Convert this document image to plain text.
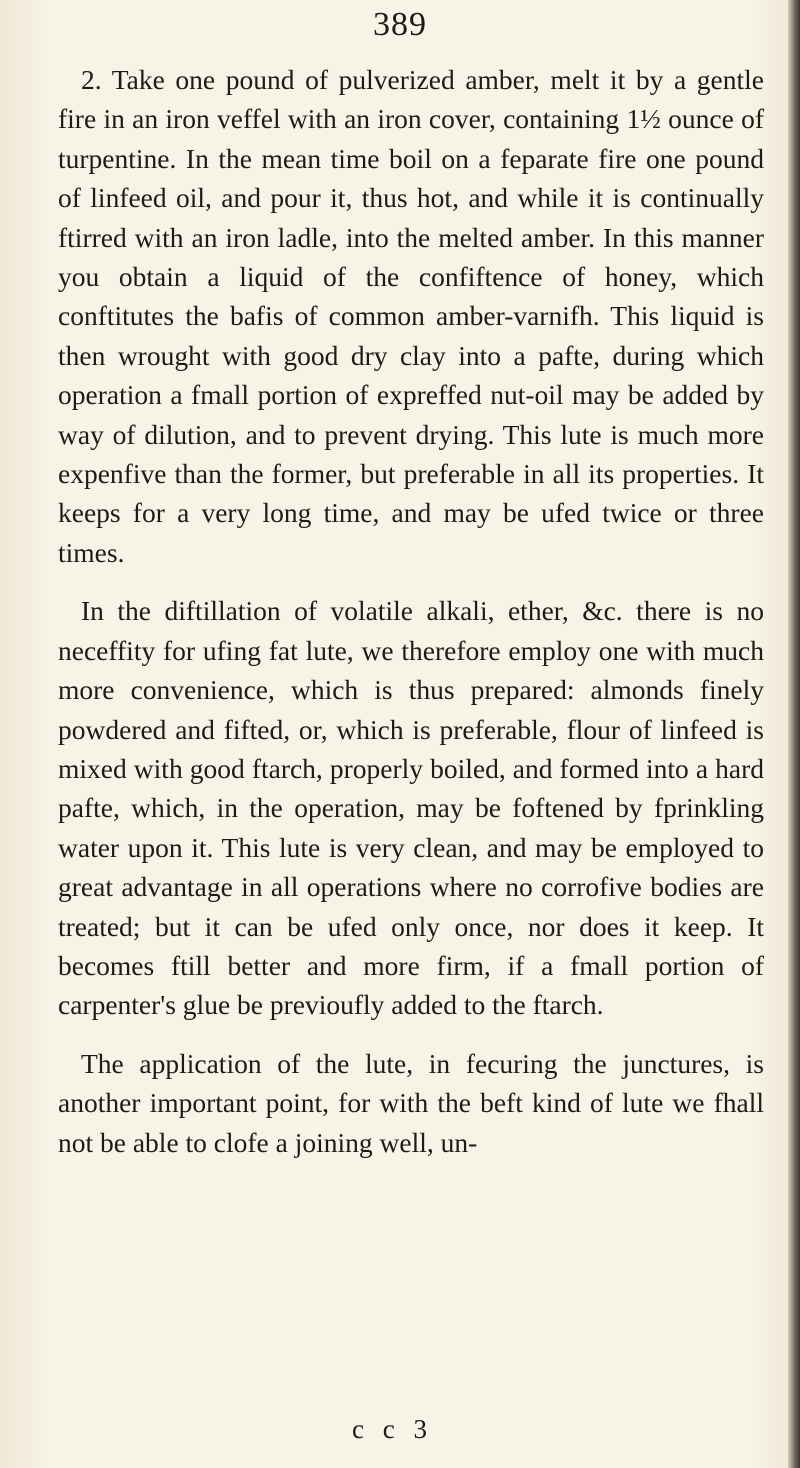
389

2. Take one pound of pulverized amber, melt it by a gentle fire in an iron veffel with an iron cover, containing 1½ ounce of turpentine. In the mean time boil on a feparate fire one pound of linfeed oil, and pour it, thus hot, and while it is continually ftirred with an iron ladle, into the melted amber. In this manner you obtain a liquid of the confiftence of honey, which conftitutes the bafis of common amber-varnifh. This liquid is then wrought with good dry clay into a pafte, during which operation a fmall portion of expreffed nut-oil may be added by way of dilution, and to prevent drying. This lute is much more expenfive than the former, but preferable in all its properties. It keeps for a very long time, and may be ufed twice or three times.

In the diftillation of volatile alkali, ether, &c. there is no neceffity for ufing fat lute, we therefore employ one with much more convenience, which is thus prepared: almonds finely powdered and fifted, or, which is preferable, flour of linfeed is mixed with good ftarch, properly boiled, and formed into a hard pafte, which, in the operation, may be foftened by fprinkling water upon it. This lute is very clean, and may be employed to great advantage in all operations where no corrofive bodies are treated; but it can be ufed only once, nor does it keep. It becomes ftill better and more firm, if a fmall portion of carpenter's glue be previoufly added to the ftarch.

The application of the lute, in fecuring the junctures, is another important point, for with the beft kind of lute we fhall not be able to clofe a joining well, un-

c c 3
